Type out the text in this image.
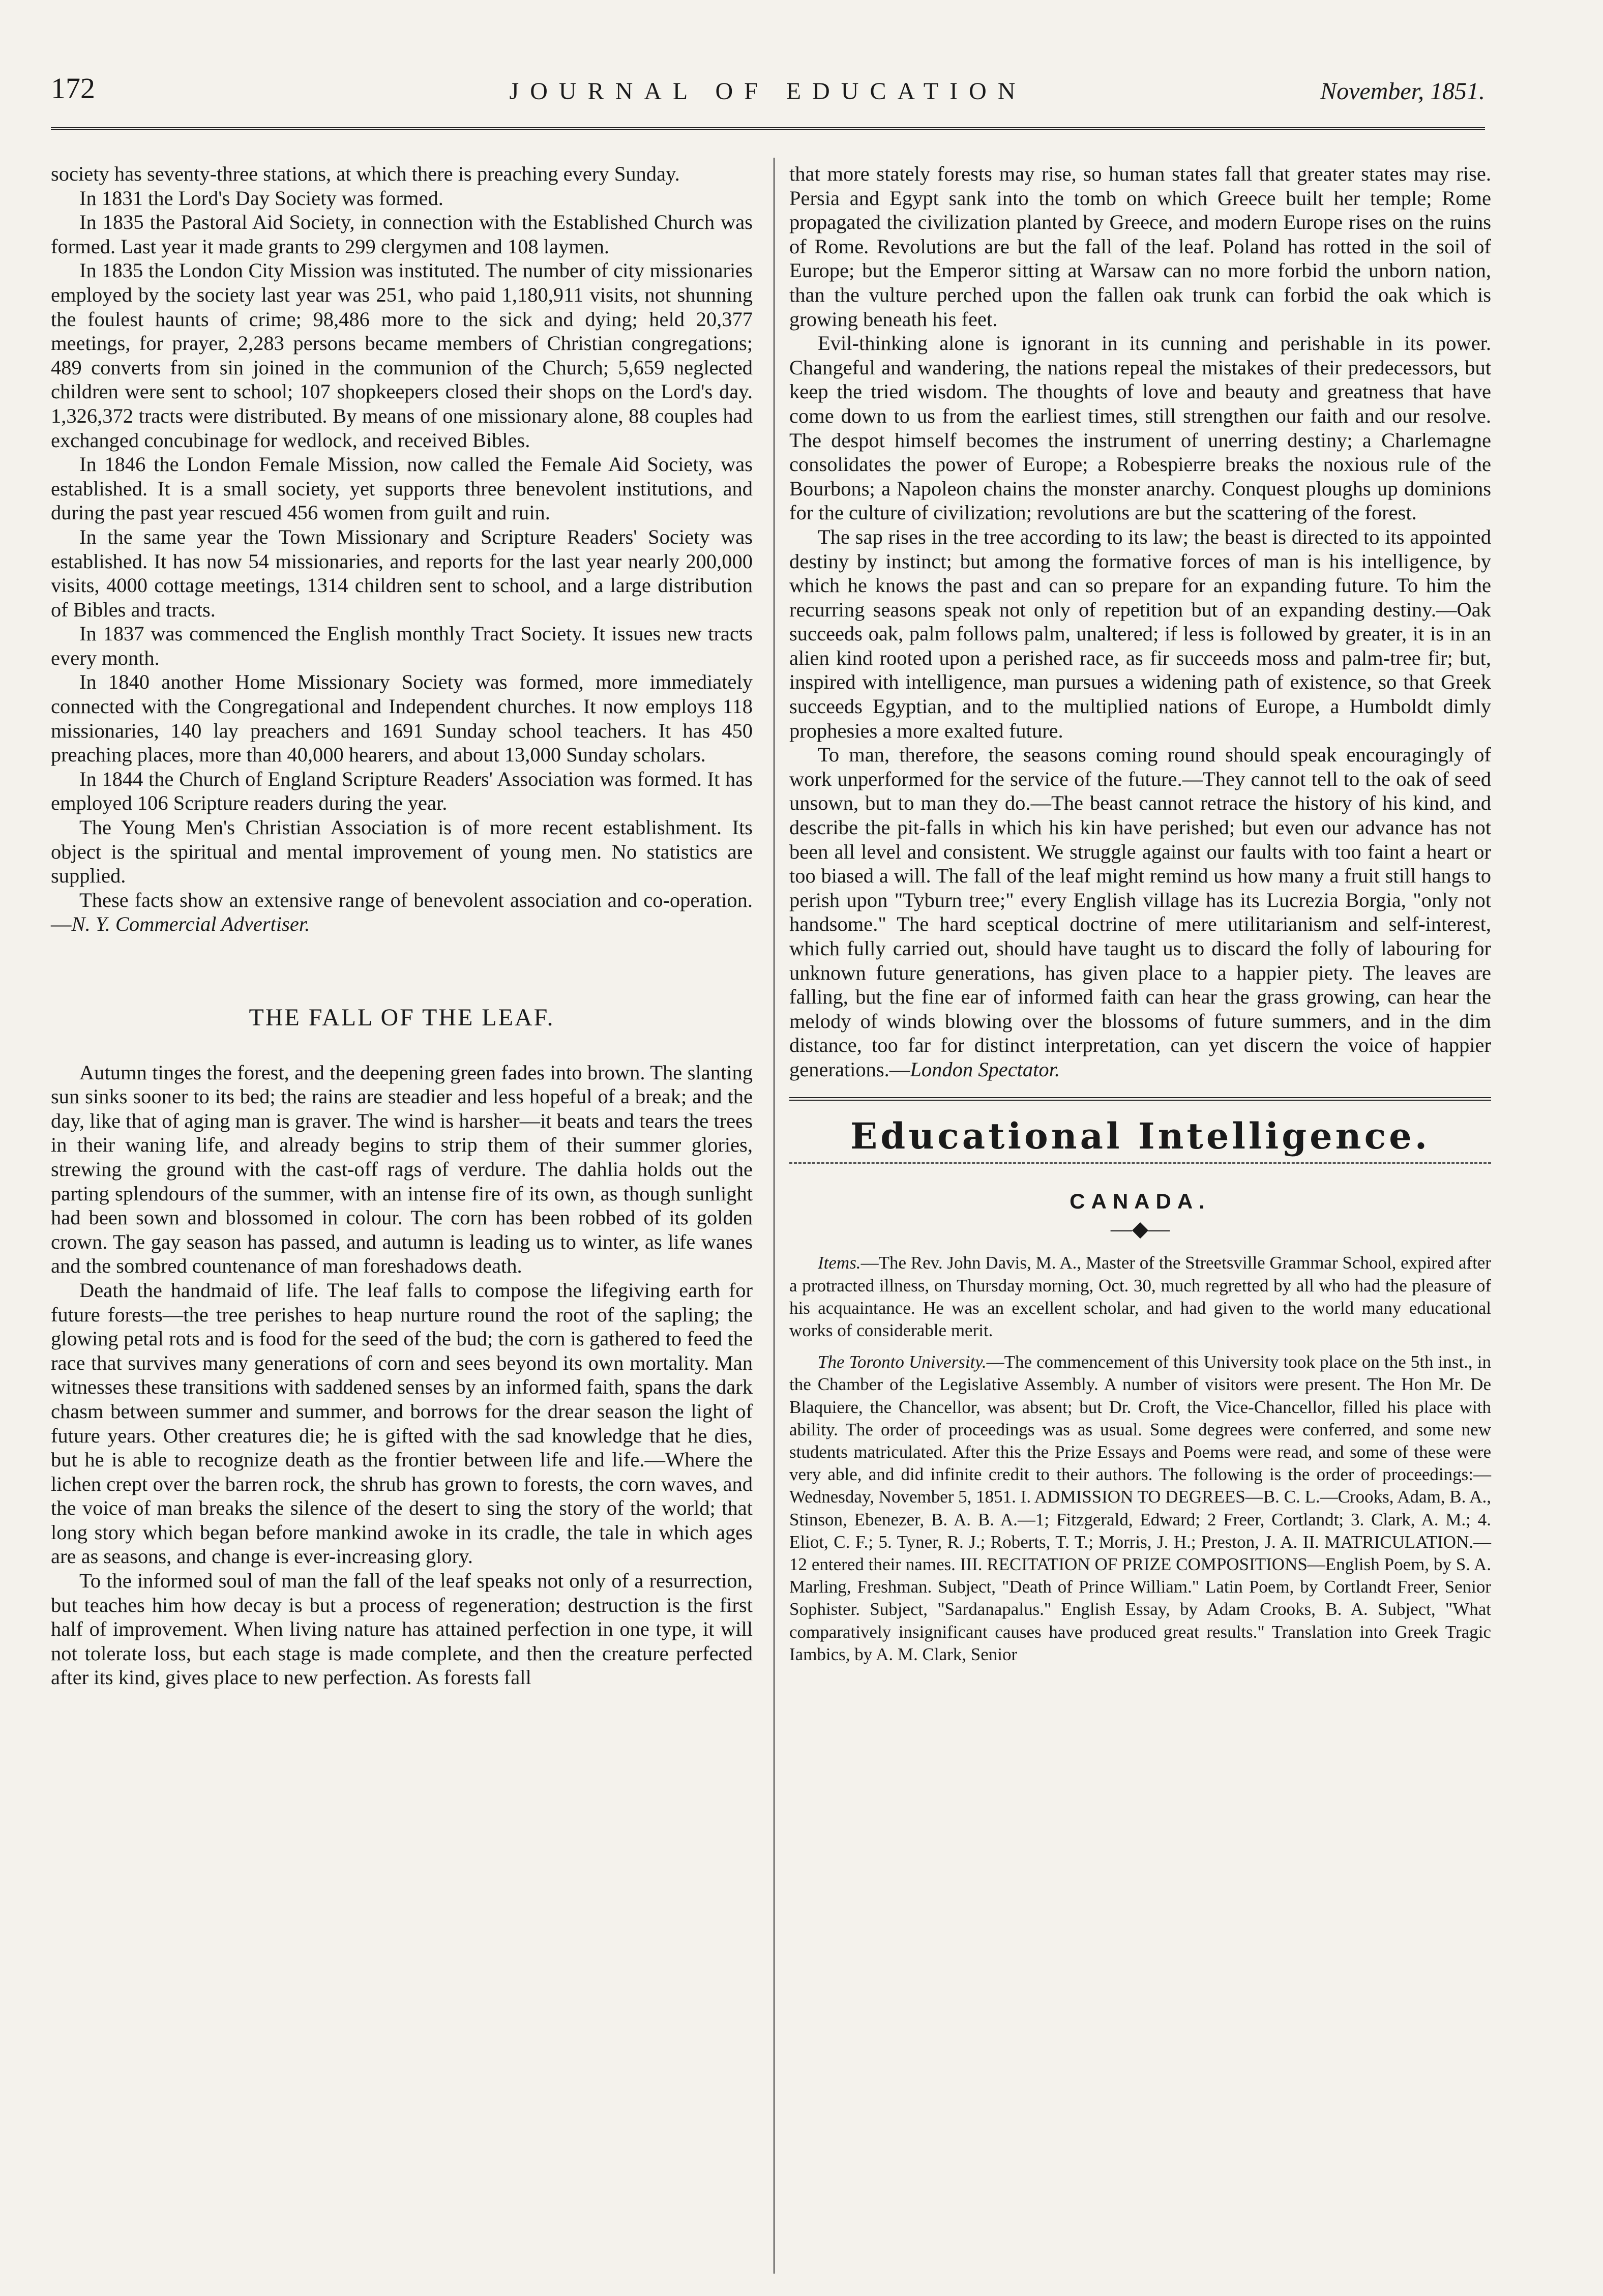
172	JOURNAL OF EDUCATION	November, 1851.

society has seventy-three stations, at which there is preaching every Sunday.

In 1831 the Lord's Day Society was formed.

In 1835 the Pastoral Aid Society, in connection with the Established Church was formed. Last year it made grants to 299 clergymen and 108 laymen.

In 1835 the London City Mission was instituted. The number of city missionaries employed by the society last year was 251, who paid 1,180,911 visits, not shunning the foulest haunts of crime; 98,486 more to the sick and dying; held 20,377 meetings, for prayer, 2,283 persons became members of Christian congregations; 489 converts from sin joined in the communion of the Church; 5,659 neglected children were sent to school; 107 shopkeepers closed their shops on the Lord's day. 1,326,372 tracts were distributed. By means of one missionary alone, 88 couples had exchanged concubinage for wedlock, and received Bibles.

In 1846 the London Female Mission, now called the Female Aid Society, was established. It is a small society, yet supports three benevolent institutions, and during the past year rescued 456 women from guilt and ruin.

In the same year the Town Missionary and Scripture Readers' Society was established. It has now 54 missionaries, and reports for the last year nearly 200,000 visits, 4000 cottage meetings, 1314 children sent to school, and a large distribution of Bibles and tracts.

In 1837 was commenced the English monthly Tract Society. It issues new tracts every month.

In 1840 another Home Missionary Society was formed, more immediately connected with the Congregational and Independent churches. It now employs 118 missionaries, 140 lay preachers and 1691 Sunday school teachers. It has 450 preaching places, more than 40,000 hearers, and about 13,000 Sunday scholars.

In 1844 the Church of England Scripture Readers' Association was formed. It has employed 106 Scripture readers during the year.

The Young Men's Christian Association is of more recent establishment. Its object is the spiritual and mental improvement of young men. No statistics are supplied.

These facts show an extensive range of benevolent association and co-operation.—N. Y. Commercial Advertiser.

THE FALL OF THE LEAF.

Autumn tinges the forest, and the deepening green fades into brown. The slanting sun sinks sooner to its bed; the rains are steadier and less hopeful of a break; and the day, like that of aging man is graver. The wind is harsher—it beats and tears the trees in their waning life, and already begins to strip them of their summer glories, strewing the ground with the cast-off rags of verdure. The dahlia holds out the parting splendours of the summer, with an intense fire of its own, as though sunlight had been sown and blossomed in colour. The corn has been robbed of its golden crown. The gay season has passed, and autumn is leading us to winter, as life wanes and the sombred countenance of man foreshadows death.

Death the handmaid of life. The leaf falls to compose the lifegiving earth for future forests—the tree perishes to heap nurture round the root of the sapling; the glowing petal rots and is food for the seed of the bud; the corn is gathered to feed the race that survives many generations of corn and sees beyond its own mortality. Man witnesses these transitions with saddened senses by an informed faith, spans the dark chasm between summer and summer, and borrows for the drear season the light of future years. Other creatures die; he is gifted with the sad knowledge that he dies, but he is able to recognize death as the frontier between life and life.—Where the lichen crept over the barren rock, the shrub has grown to forests, the corn waves, and the voice of man breaks the silence of the desert to sing the story of the world; that long story which began before mankind awoke in its cradle, the tale in which ages are as seasons, and change is ever-increasing glory.

To the informed soul of man the fall of the leaf speaks not only of a resurrection, but teaches him how decay is but a process of regeneration; destruction is the first half of improvement. When living nature has attained perfection in one type, it will not tolerate loss, but each stage is made complete, and then the creature perfected after its kind, gives place to new perfection. As forests fall

that more stately forests may rise, so human states fall that greater states may rise. Persia and Egypt sank into the tomb on which Greece built her temple; Rome propagated the civilization planted by Greece, and modern Europe rises on the ruins of Rome. Revolutions are but the fall of the leaf. Poland has rotted in the soil of Europe; but the Emperor sitting at Warsaw can no more forbid the unborn nation, than the vulture perched upon the fallen oak trunk can forbid the oak which is growing beneath his feet.

Evil-thinking alone is ignorant in its cunning and perishable in its power. Changeful and wandering, the nations repeal the mistakes of their predecessors, but keep the tried wisdom. The thoughts of love and beauty and greatness that have come down to us from the earliest times, still strengthen our faith and our resolve. The despot himself becomes the instrument of unerring destiny; a Charlemagne consolidates the power of Europe; a Robespierre breaks the noxious rule of the Bourbons; a Napoleon chains the monster anarchy. Conquest ploughs up dominions for the culture of civilization; revolutions are but the scattering of the forest.

The sap rises in the tree according to its law; the beast is directed to its appointed destiny by instinct; but among the formative forces of man is his intelligence, by which he knows the past and can so prepare for an expanding future. To him the recurring seasons speak not only of repetition but of an expanding destiny.—Oak succeeds oak, palm follows palm, unaltered; if less is followed by greater, it is in an alien kind rooted upon a perished race, as fir succeeds moss and palm-tree fir; but, inspired with intelligence, man pursues a widening path of existence, so that Greek succeeds Egyptian, and to the multiplied nations of Europe, a Humboldt dimly prophesies a more exalted future.

To man, therefore, the seasons coming round should speak encouragingly of work unperformed for the service of the future.—They cannot tell to the oak of seed unsown, but to man they do.—The beast cannot retrace the history of his kind, and describe the pit-falls in which his kin have perished; but even our advance has not been all level and consistent. We struggle against our faults with too faint a heart or too biased a will. The fall of the leaf might remind us how many a fruit still hangs to perish upon "Tyburn tree;" every English village has its Lucrezia Borgia, "only not handsome." The hard sceptical doctrine of mere utilitarianism and self-interest, which fully carried out, should have taught us to discard the folly of labouring for unknown future generations, has given place to a happier piety. The leaves are falling, but the fine ear of informed faith can hear the grass growing, can hear the melody of winds blowing over the blossoms of future summers, and in the dim distance, too far for distinct interpretation, can yet discern the voice of happier generations.—London Spectator.

Educational Intelligence.
CANADA.
—◆—

Items.—The Rev. John Davis, M. A., Master of the Streetsville Grammar School, expired after a protracted illness, on Thursday morning, Oct. 30, much regretted by all who had the pleasure of his acquaintance. He was an excellent scholar, and had given to the world many educational works of considerable merit.

The Toronto University.—The commencement of this University took place on the 5th inst., in the Chamber of the Legislative Assembly. A number of visitors were present. The Hon Mr. De Blaquiere, the Chancellor, was absent; but Dr. Croft, the Vice-Chancellor, filled his place with ability. The order of proceedings was as usual. Some degrees were conferred, and some new students matriculated. After this the Prize Essays and Poems were read, and some of these were very able, and did infinite credit to their authors. The following is the order of proceedings:—Wednesday, November 5, 1851. I. ADMISSION TO DEGREES—B. C. L.—Crooks, Adam, B. A., Stinson, Ebenezer, B. A. B. A.—1; Fitzgerald, Edward; 2 Freer, Cortlandt; 3. Clark, A. M.; 4. Eliot, C. F.; 5. Tyner, R. J.; Roberts, T. T.; Morris, J. H.; Preston, J. A. II. MATRICULATION.—12 entered their names. III. RECITATION OF PRIZE COMPOSITIONS—English Poem, by S. A. Marling, Freshman. Subject, "Death of Prince William." Latin Poem, by Cortlandt Freer, Senior Sophister. Subject, "Sardanapalus." English Essay, by Adam Crooks, B. A. Subject, "What comparatively insignificant causes have produced great results." Translation into Greek Tragic Iambics, by A. M. Clark, Senior
